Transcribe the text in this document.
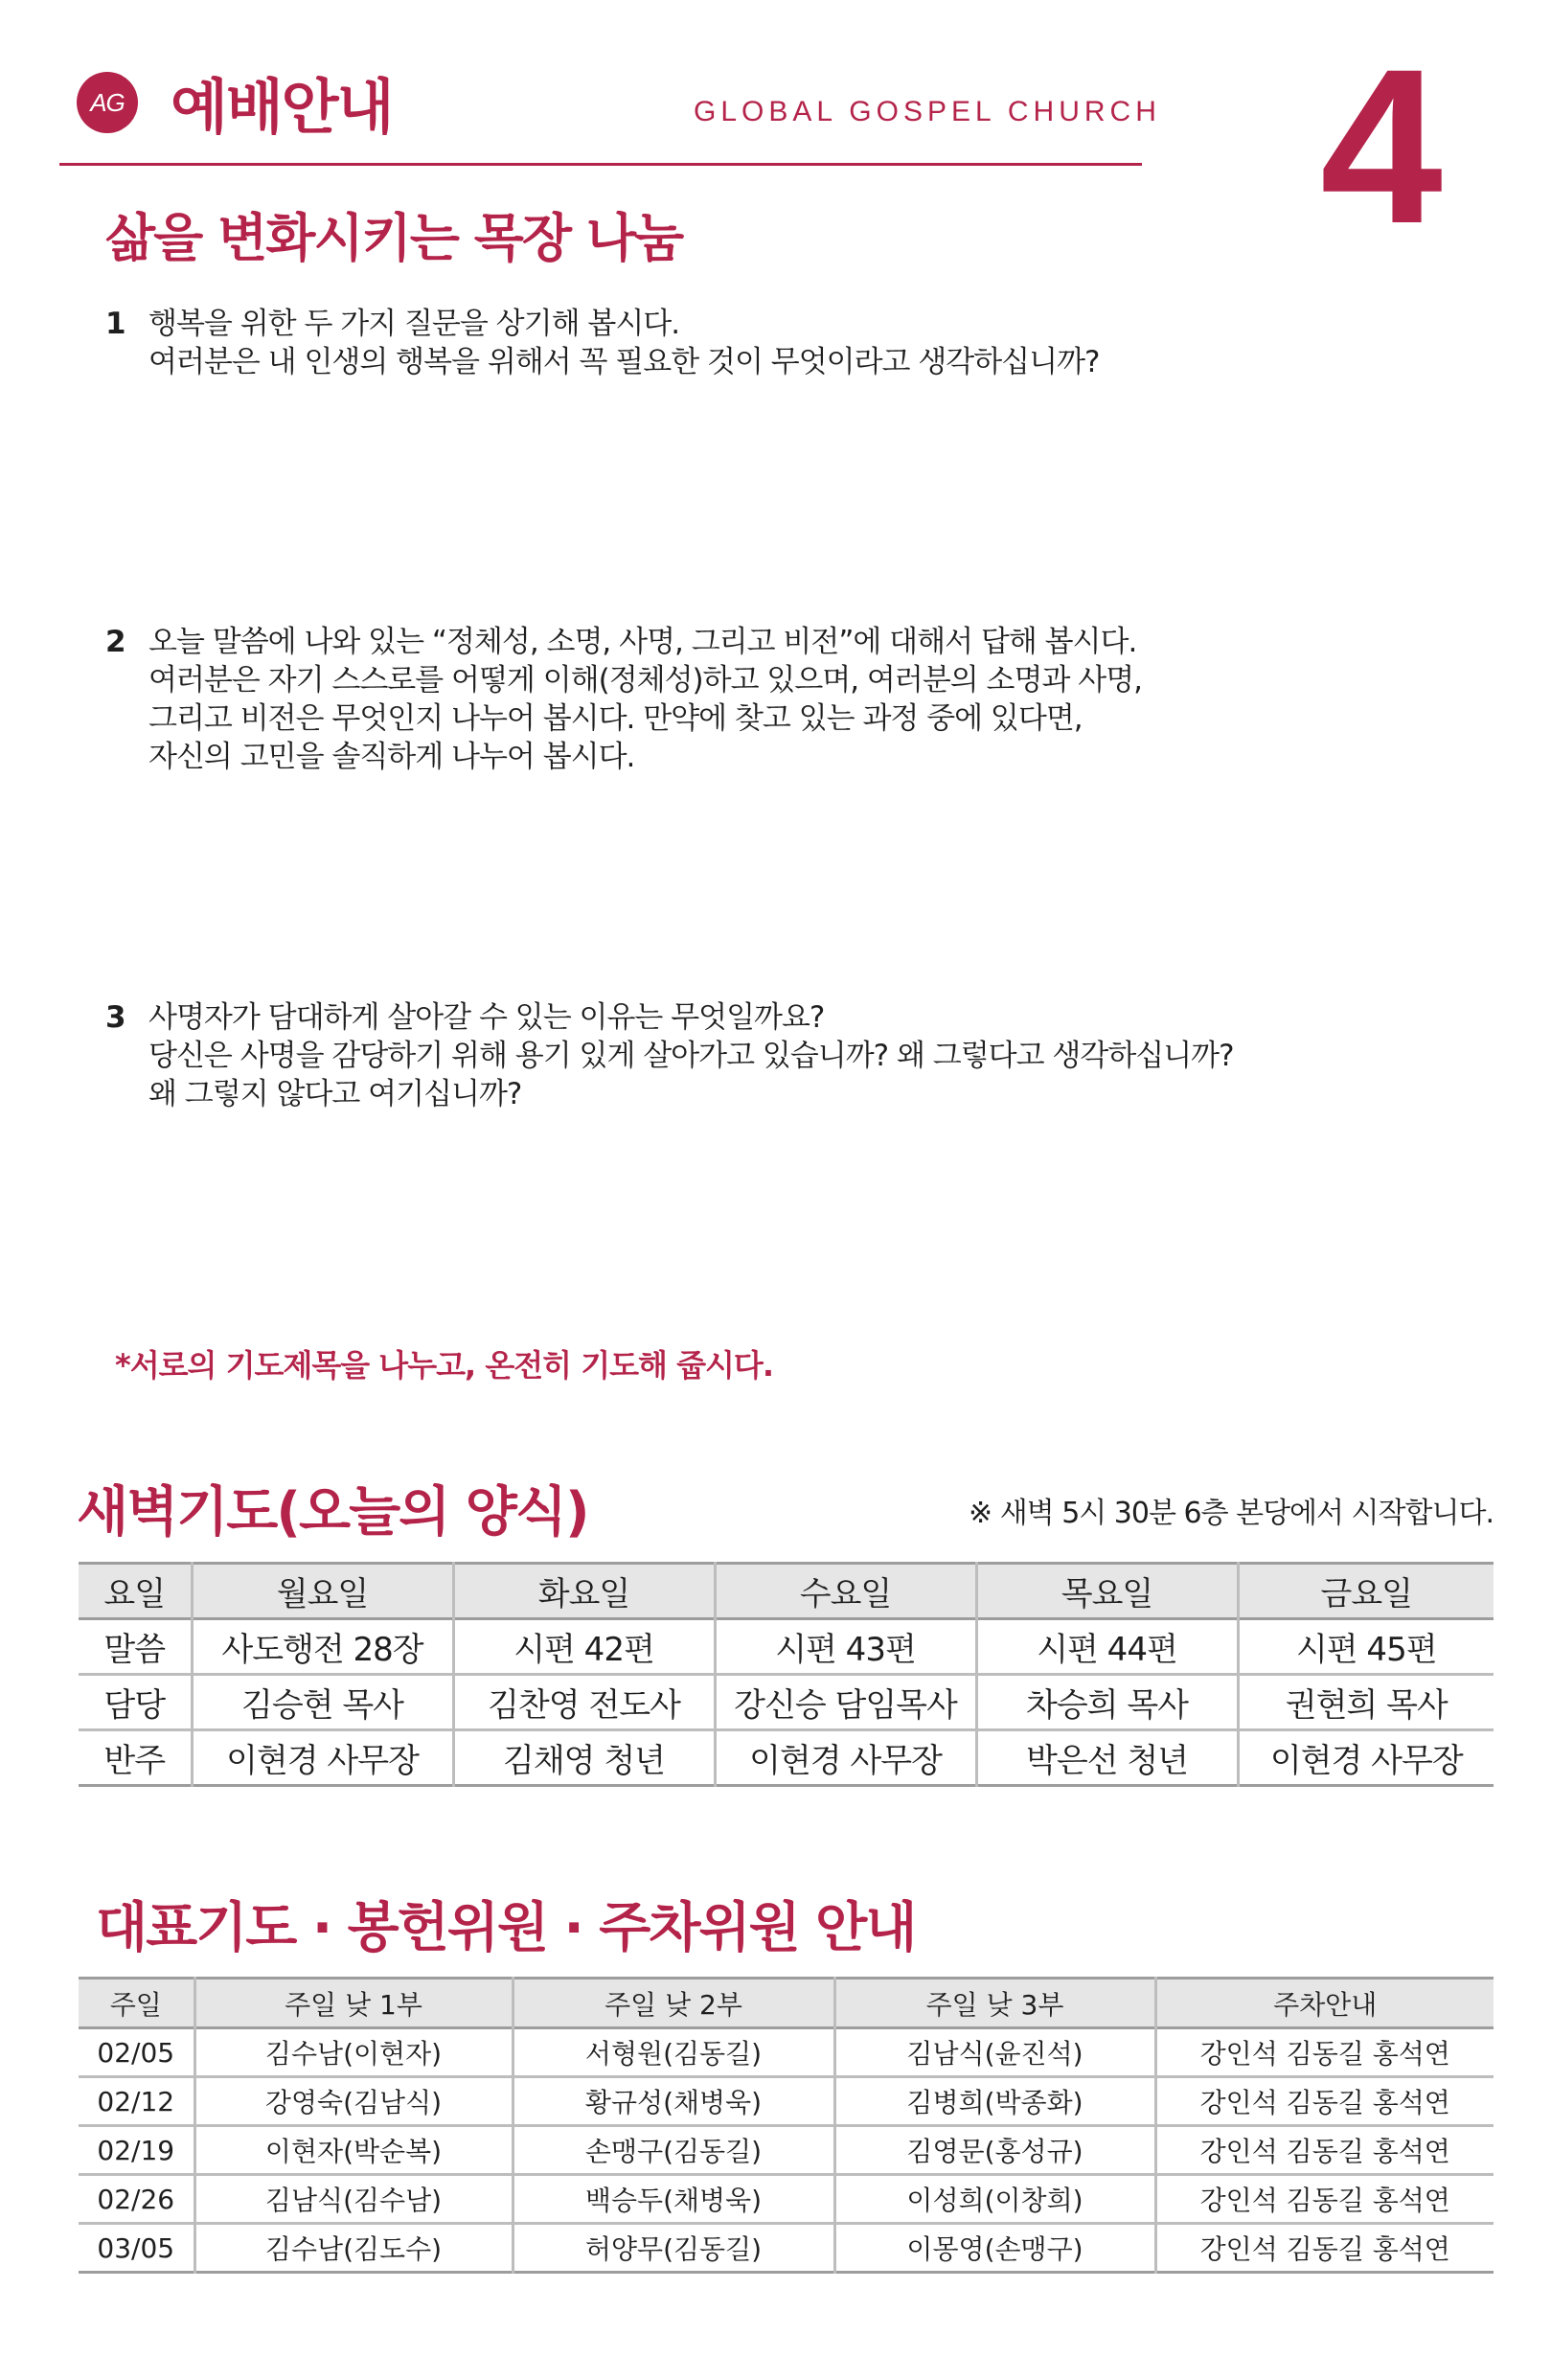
AG 예배안내	GLOBAL GOSPEL CHURCH 4
삶을 변화시키는 목장 나눔
1 행복을 위한 두 가지 질문을 상기해 봅시다.
여러분은 내 인생의 행복을 위해서 꼭 필요한 것이 무엇이라고 생각하십니까?
2 오늘 말씀에 나와 있는 “정체성, 소명, 사명, 그리고 비전”에 대해서 답해 봅시다.
여러분은 자기 스스로를 어떻게 이해(정체성)하고 있으며, 여러분의 소명과 사명,
그리고 비전은 무엇인지 나누어 봅시다. 만약에 찾고 있는 과정 중에 있다면,
자신의 고민을 솔직하게 나누어 봅시다.
3 사명자가 담대하게 살아갈 수 있는 이유는 무엇일까요?
당신은 사명을 감당하기 위해 용기 있게 살아가고 있습니까? 왜 그렇다고 생각하십니까?
왜 그렇지 않다고 여기십니까?
*서로의 기도제목을 나누고, 온전히 기도해 줍시다.
새벽기도(오늘의 양식)	※ 새벽 5시 30분 6층 본당에서 시작합니다.
요일	월요일	화요일	수요일	목요일	금요일
말씀	사도행전 28장	시편 42편	시편 43편	시편 44편	시편 45편
담당	김승현 목사	김찬영 전도사	강신승 담임목사	차승희 목사	권현희 목사
반주	이현경 사무장	김채영 청년	이현경 사무장	박은선 청년	이현경 사무장
대표기도 · 봉헌위원 · 주차위원 안내
주일	주일 낮 1부	주일 낮 2부	주일 낮 3부	주차안내
02/05	김수남(이현자)	서형원(김동길)	김남식(윤진석)	강인석 김동길 홍석연
02/12	강영숙(김남식)	황규성(채병욱)	김병희(박종화)	강인석 김동길 홍석연
02/19	이현자(박순복)	손맹구(김동길)	김영문(홍성규)	강인석 김동길 홍석연
02/26	김남식(김수남)	백승두(채병욱)	이성희(이창희)	강인석 김동길 홍석연
03/05	김수남(김도수)	허양무(김동길)	이몽영(손맹구)	강인석 김동길 홍석연
